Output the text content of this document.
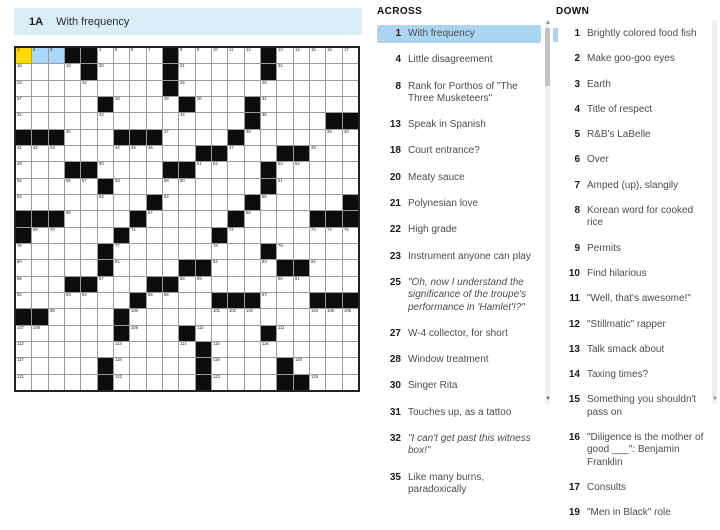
1A With frequency
1 2 3	4 5 6 7	8 9 10 11 12	13 14 15 16 17
18	19	20	21	22
23	24	25	26
27	28	29	30	31
32	33	34	35
36	37	38	39 40
41 42 43	44 45 46	47	48
49	50	51 52	53 54
55	56 57	58	59 60	61
62	63	64	65
66	67	68
69 70	71	72	73 74 75
76	77	78	79
80	81	82	83	84
86	87	88 89	90 91
92	93 94	95 96	97
99	100	101 102 103	104 105 106
107 108	109	110	111
112	113	114	115	116
117	118	119	120
121	122	123	124
ACROSS
1 With frequency
4 Little disagreement
8 Rank for Porthos of "The Three Musketeers"
13 Speak in Spanish
18 Court entrance?
20 Meaty sauce
21 Polynesian love
22 High grade
23 Instrument anyone can play
25 "Oh, now I understand the significance of the troupe's performance in 'Hamlet'!?"
27 W-4 collector, for short
28 Window treatment
30 Singer Rita
31 Touches up, as a tattoo
32 "I can't get past this witness box!"
35 Like many burns, paradoxically
DOWN
1 Brightly colored food fish
2 Make goo-goo eyes
3 Earth
4 Title of respect
5 R&B's LaBelle
6 Over
7 Amped (up), slangily
8 Korean word for cooked rice
9 Permits
10 Find hilarious
11 "Well, that's awesome!"
12 "Stillmatic" rapper
13 Talk smack about
14 Taxing times?
15 Something you shouldn't pass on
16 "Diligence is the mother of good ___": Benjamin Franklin
17 Consults
19 "Men in Black" role
▲
▼	▼
